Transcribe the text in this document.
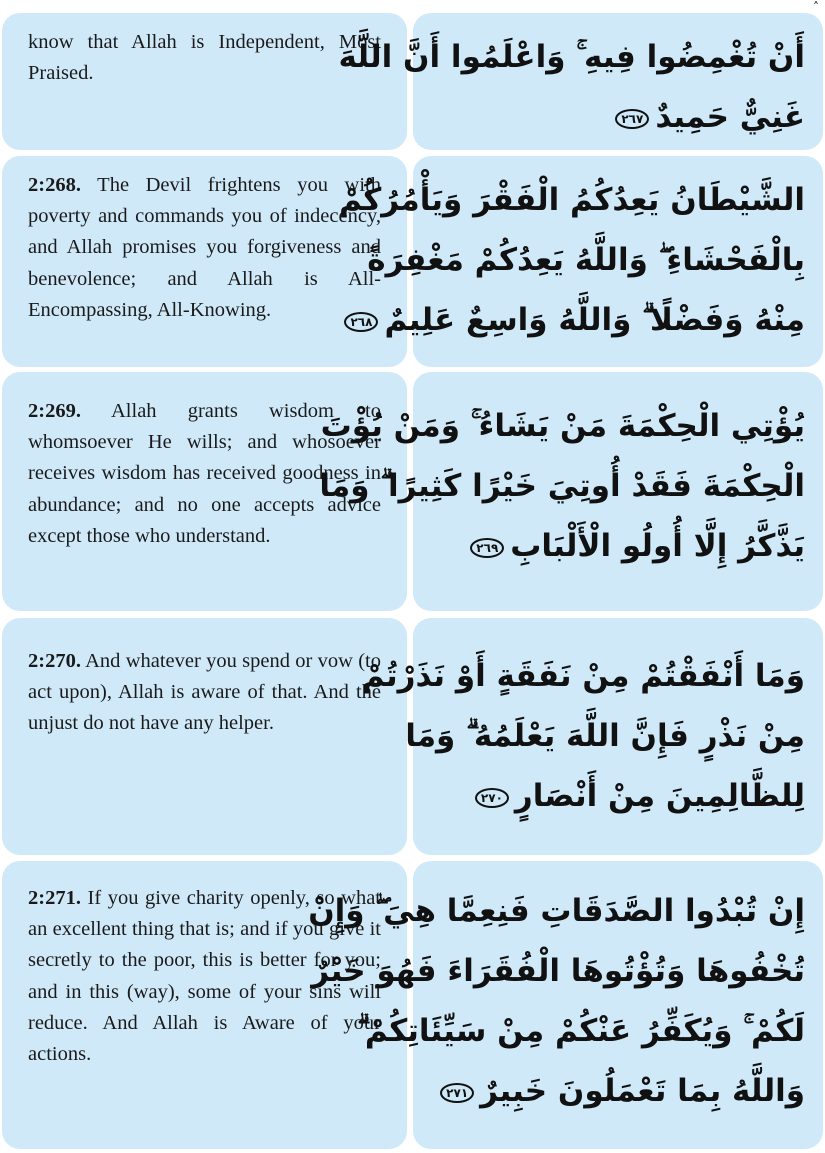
˄
know that Allah is Independent, Most Praised.	أَنْ تُغْمِضُوا فِيهِ ۚ وَاعْلَمُوا أَنَّ اللَّهَ
غَنِيٌّ حَمِيدٌ٢٦٧
2:268. The Devil frightens you with poverty and commands you of indecency, and Allah promises you forgiveness and benevolence; and Allah is All-Encompassing, All-Knowing.
الشَّيْطَانُ يَعِدُكُمُ الْفَقْرَ وَيَأْمُرُكُمْ
بِالْفَحْشَاءِ ۖ وَاللَّهُ يَعِدُكُمْ مَغْفِرَةً
مِنْهُ وَفَضْلًا ۗ وَاللَّهُ وَاسِعٌ عَلِيمٌ٢٦٨
2:269. Allah grants wisdom to whomsoever He wills; and whosoever receives wisdom has received goodness in abundance; and no one accepts advice except those who understand.
يُؤْتِي الْحِكْمَةَ مَنْ يَشَاءُ ۚ وَمَنْ يُؤْتَ
الْحِكْمَةَ فَقَدْ أُوتِيَ خَيْرًا كَثِيرًا ۗ وَمَا
يَذَّكَّرُ إِلَّا أُولُو الْأَلْبَابِ٢٦٩
2:270. And whatever you spend or vow (to act upon), Allah is aware of that. And the unjust do not have any helper.
وَمَا أَنْفَقْتُمْ مِنْ نَفَقَةٍ أَوْ نَذَرْتُمْ
مِنْ نَذْرٍ فَإِنَّ اللَّهَ يَعْلَمُهُ ۗ وَمَا
لِلظَّالِمِينَ مِنْ أَنْصَارٍ٢٧٠
2:271. If you give charity openly, so what an excellent thing that is; and if you give it secretly to the poor, this is better for you; and in this (way), some of your sins will reduce. And Allah is Aware of your actions.
إِنْ تُبْدُوا الصَّدَقَاتِ فَنِعِمَّا هِيَ ۖ وَإِنْ
تُخْفُوهَا وَتُؤْتُوهَا الْفُقَرَاءَ فَهُوَ خَيْرٌ
لَكُمْ ۚ وَيُكَفِّرُ عَنْكُمْ مِنْ سَيِّئَاتِكُمْ ۗ
وَاللَّهُ بِمَا تَعْمَلُونَ خَبِيرٌ٢٧١
